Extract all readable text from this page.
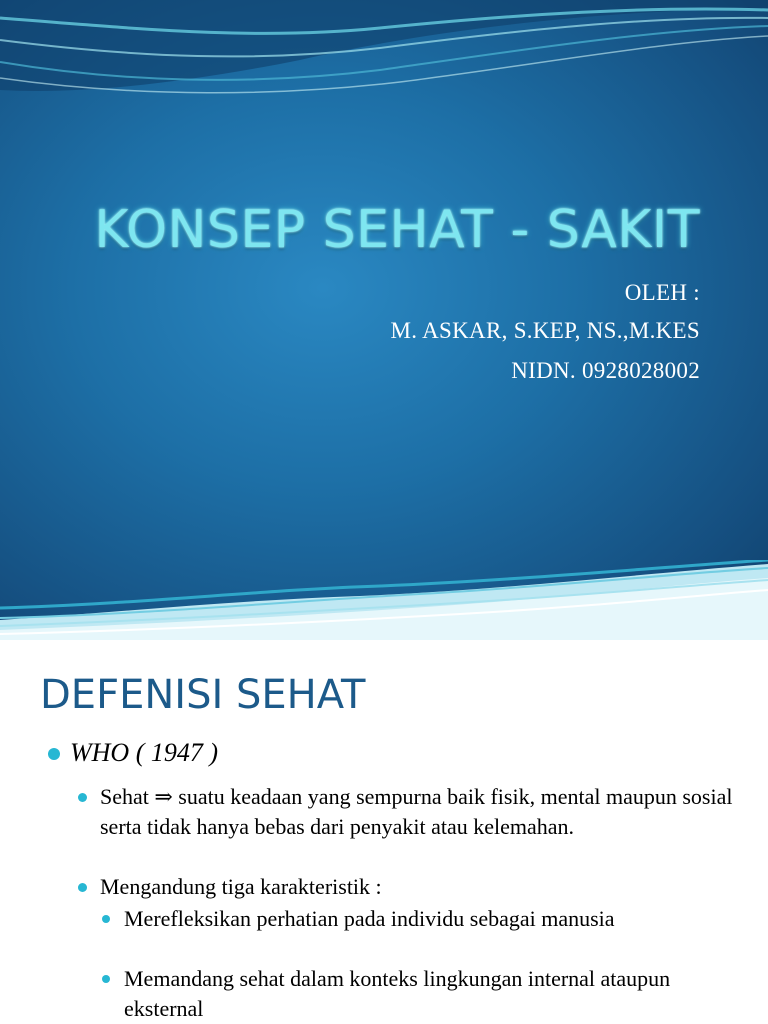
KONSEP SEHAT - SAKIT
OLEH :
M. ASKAR, S.KEP, NS.,M.KES
NIDN. 0928028002
DEFENISI SEHAT
WHO ( 1947 )
Sehat ⇒ suatu keadaan yang sempurna baik fisik, mental maupun sosial serta tidak hanya bebas dari penyakit atau kelemahan.
Mengandung tiga karakteristik :
Merefleksikan perhatian pada individu sebagai manusia
Memandang sehat dalam konteks lingkungan internal ataupun eksternal
